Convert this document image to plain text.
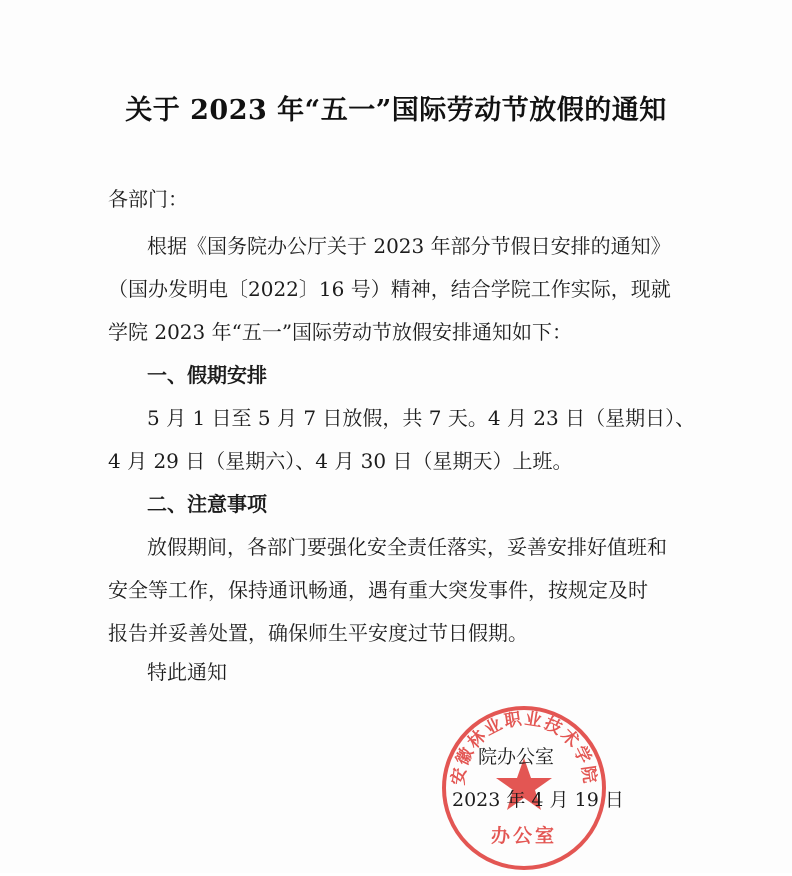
关于 2023 年“五一”国际劳动节放假的通知
各部门：
根据《国务院办公厅关于 2023 年部分节假日安排的通知》
（国办发明电〔2022〕16 号）精神，结合学院工作实际，现就
学院 2023 年“五一”国际劳动节放假安排通知如下：
一、假期安排
5 月 1 日至 5 月 7 日放假，共 7 天。4 月 23 日（星期日）、
4 月 29 日（星期六）、4 月 30 日（星期天）上班。
二、注意事项
放假期间，各部门要强化安全责任落实，妥善安排好值班和
安全等工作，保持通讯畅通，遇有重大突发事件，按规定及时
报告并妥善处置，确保师生平安度过节日假期。
特此通知
安徽林业职业技术学院
办公室
院办公室
2023 年 4 月 19 日
